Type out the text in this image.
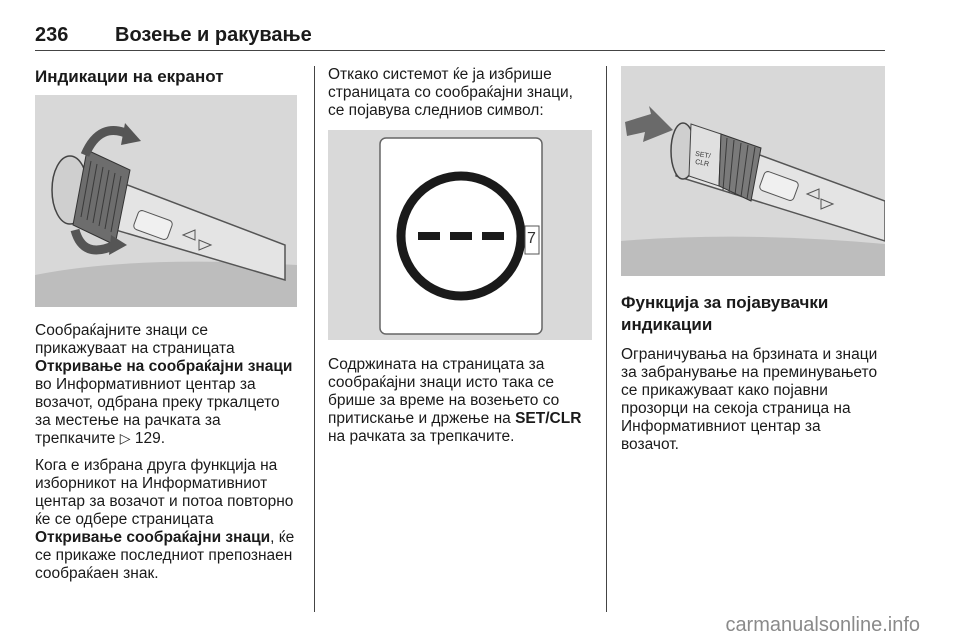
236 Возење и ракување

Индикации на екранот

Сообраќајните знаци се
прикажуваат на страницата
Откривање на сообраќајни знаци
во Информативниот центар за
возачот, одбрана преку тркалцето
за местење на рачката за
трепкачите ▷ 129.

Кога е избрана друга функција на
изборникот на Информативниот
центар за возачот и потоа повторно
ќе се одбере страницата
Откривање сообраќајни знаци, ќе
се прикаже последниот препознаен
сообраќаен знак.

Откако системот ќе ја избрише
страницата со сообраќајни знаци,
се појавува следниов символ:

7

Содржината на страницата за
сообраќајни знаци исто така се
брише за време на возењето со
притискање и држење на SET/CLR
на рачката за трепкачите.

SET/
CLR

Функција за појавувачки
индикации

Ограничувања на брзината и знаци
за забранување на преминувањето
се прикажуваат како појавни
прозорци на секоја страница на
Информативниот центар за
возачот.

carmanualsonline.info
